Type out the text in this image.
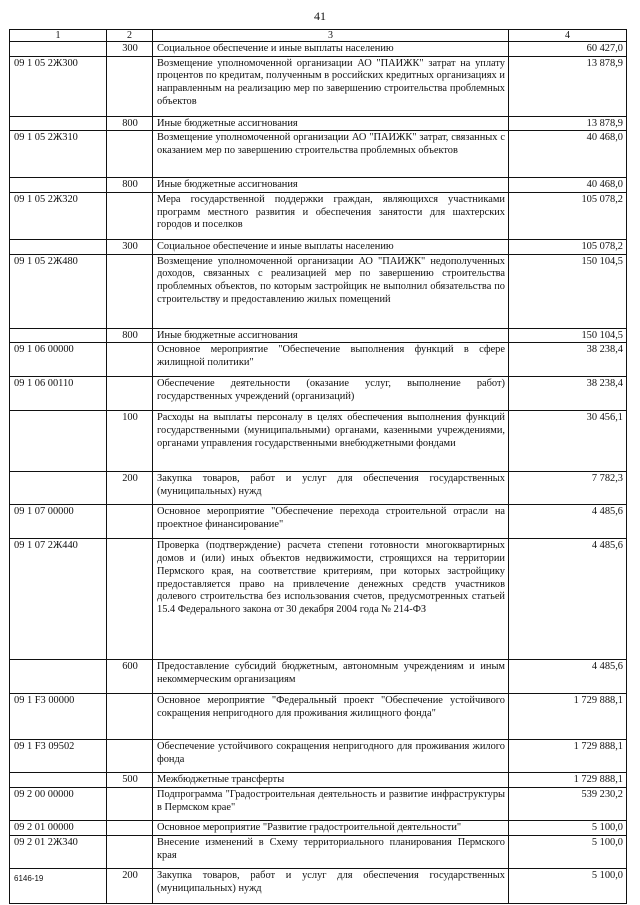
41
1	2	3	4
	300	Социальное обеспечение и иные выплаты населению	60 427,0
09 1 05 2Ж300		Возмещение уполномоченной организации АО "ПАИЖК" затрат на уплату процентов по кредитам, полученным в российских кредитных организациях и направленным на реализацию мер по завершению строительства проблемных объектов	13 878,9
	800	Иные бюджетные ассигнования	13 878,9
09 1 05 2Ж310		Возмещение уполномоченной организации АО "ПАИЖК" затрат, связанных с оказанием мер по завершению строительства проблемных объектов	40 468,0
	800	Иные бюджетные ассигнования	40 468,0
09 1 05 2Ж320		Мера государственной поддержки граждан, являющихся участниками программ местного развития и обеспечения занятости для шахтерских городов и поселков	105 078,2
	300	Социальное обеспечение и иные выплаты населению	105 078,2
09 1 05 2Ж480		Возмещение уполномоченной организации АО "ПАИЖК" недополученных доходов, связанных с реализацией мер по завершению строительства проблемных объектов, по которым застройщик не выполнил обязательства по строительству и предоставлению жилых помещений	150 104,5
	800	Иные бюджетные ассигнования	150 104,5
09 1 06 00000		Основное мероприятие "Обеспечение выполнения функций в сфере жилищной политики"	38 238,4
09 1 06 00110		Обеспечение деятельности (оказание услуг, выполнение работ) государственных учреждений (организаций)	38 238,4
	100	Расходы на выплаты персоналу в целях обеспечения выполнения функций государственными (муниципальными) органами, казенными учреждениями, органами управления государственными внебюджетными фондами	30 456,1
	200	Закупка товаров, работ и услуг для обеспечения государственных (муниципальных) нужд	7 782,3
09 1 07 00000		Основное мероприятие "Обеспечение перехода строительной отрасли на проектное финансирование"	4 485,6
09 1 07 2Ж440		Проверка (подтверждение) расчета степени готовности многоквартирных домов и (или) иных объектов недвижимости, строящихся на территории Пермского края, на соответствие критериям, при которых застройщику предоставляется право на привлечение денежных средств участников долевого строительства без использования счетов, предусмотренных статьей 15.4 Федерального закона от 30 декабря 2004 года № 214-ФЗ	4 485,6
	600	Предоставление субсидий бюджетным, автономным учреждениям и иным некоммерческим организациям	4 485,6
09 1 F3 00000		Основное мероприятие "Федеральный проект "Обеспечение устойчивого сокращения непригодного для проживания жилищного фонда"	1 729 888,1
09 1 F3 09502		Обеспечение устойчивого сокращения непригодного для проживания жилого фонда	1 729 888,1
	500	Межбюджетные трансферты	1 729 888,1
09 2 00 00000		Подпрограмма "Градостроительная деятельность и развитие инфраструктуры в Пермском крае"	539 230,2
09 2 01 00000		Основное мероприятие "Развитие градостроительной деятельности"	5 100,0
09 2 01 2Ж340		Внесение изменений в Схему территориального планирования Пермского края	5 100,0
	200	Закупка товаров, работ и услуг для обеспечения государственных (муниципальных) нужд	5 100,0
6146-19
